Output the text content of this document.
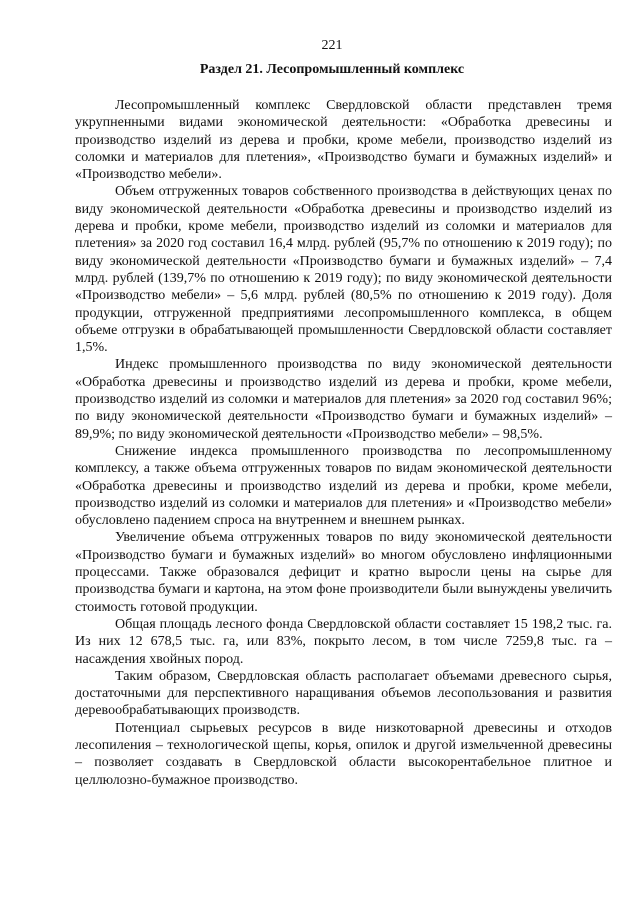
221
Раздел 21. Лесопромышленный комплекс

Лесопромышленный комплекс Свердловской области представлен тремя укрупненными видами экономической деятельности: «Обработка древесины и производство изделий из дерева и пробки, кроме мебели, производство изделий из соломки и материалов для плетения», «Производство бумаги и бумажных изделий» и «Производство мебели».

Объем отгруженных товаров собственного производства в действующих ценах по виду экономической деятельности «Обработка древесины и производство изделий из дерева и пробки, кроме мебели, производство изделий из соломки и материалов для плетения» за 2020 год составил 16,4 млрд. рублей (95,7% по отношению к 2019 году); по виду экономической деятельности «Производство бумаги и бумажных изделий» – 7,4 млрд. рублей (139,7% по отношению к 2019 году); по виду экономической деятельности «Производство мебели» – 5,6 млрд. рублей (80,5% по отношению к 2019 году). Доля продукции, отгруженной предприятиями лесопромышленного комплекса, в общем объеме отгрузки в обрабатывающей промышленности Свердловской области составляет 1,5%.

Индекс промышленного производства по виду экономической деятельности «Обработка древесины и производство изделий из дерева и пробки, кроме мебели, производство изделий из соломки и материалов для плетения» за 2020 год составил 96%; по виду экономической деятельности «Производство бумаги и бумажных изделий» – 89,9%; по виду экономической деятельности «Производство мебели» – 98,5%.

Снижение индекса промышленного производства по лесопромышленному комплексу, а также объема отгруженных товаров по видам экономической деятельности «Обработка древесины и производство изделий из дерева и пробки, кроме мебели, производство изделий из соломки и материалов для плетения» и «Производство мебели» обусловлено падением спроса на внутреннем и внешнем рынках.

Увеличение объема отгруженных товаров по виду экономической деятельности «Производство бумаги и бумажных изделий» во многом обусловлено инфляционными процессами. Также образовался дефицит и кратно выросли цены на сырье для производства бумаги и картона, на этом фоне производители были вынуждены увеличить стоимость готовой продукции.

Общая площадь лесного фонда Свердловской области составляет 15 198,2 тыс. га. Из них 12 678,5 тыс. га, или 83%, покрыто лесом, в том числе 7259,8 тыс. га – насаждения хвойных пород.

Таким образом, Свердловская область располагает объемами древесного сырья, достаточными для перспективного наращивания объемов лесопользования и развития деревообрабатывающих производств.

Потенциал сырьевых ресурсов в виде низкотоварной древесины и отходов лесопиления – технологической щепы, корья, опилок и другой измельченной древесины – позволяет создавать в Свердловской области высокорентабельное плитное и целлюлозно-бумажное производство.
